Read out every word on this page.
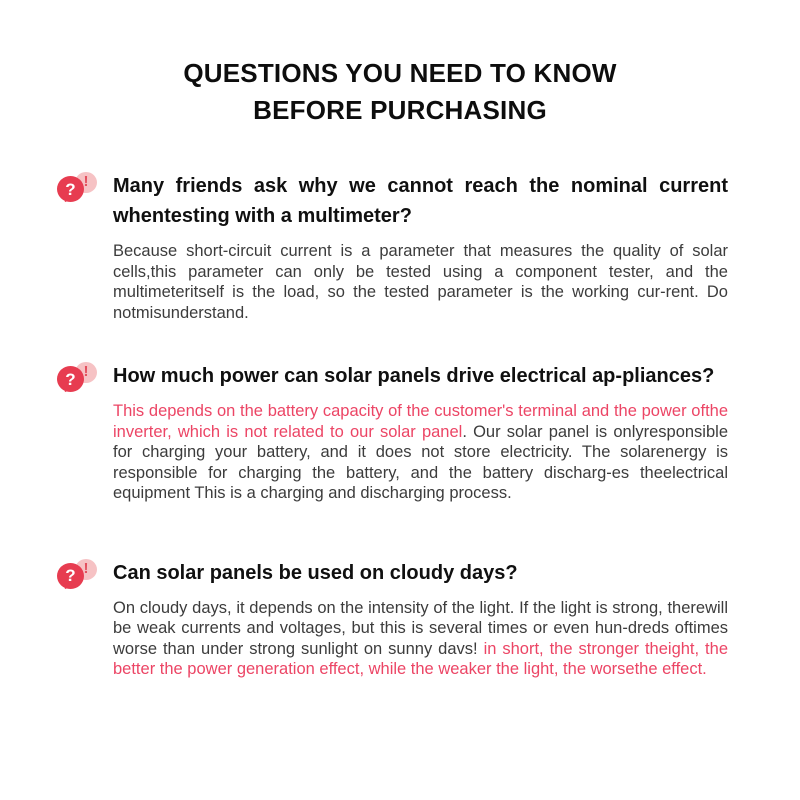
QUESTIONS YOU NEED TO KNOW
BEFORE PURCHASING
!
? Many friends ask why we cannot reach the nominal current whentesting with a multimeter?

Because short-circuit current is a parameter that measures the quality of solar cells,this parameter can only be tested using a component tester, and the multimeteritself is the load, so the tested parameter is the working cur-rent. Do notmisunderstand.

!
? How much power can solar panels drive electrical ap-pliances?

This depends on the battery capacity of the customer's terminal and the power ofthe inverter, which is not related to our solar panel. Our solar panel is onlyresponsible for charging your battery, and it does not store electricity. The solarenergy is responsible for charging the battery, and the battery discharg-es theelectrical equipment This is a charging and discharging process.

!
? Can solar panels be used on cloudy days?

On cloudy days, it depends on the intensity of the light. If the light is strong, therewill be weak currents and voltages, but this is several times or even hun-dreds oftimes worse than under strong sunlight on sunny davs! in short, the stronger theight, the better the power generation effect, while the weaker the light, the worsethe effect.
